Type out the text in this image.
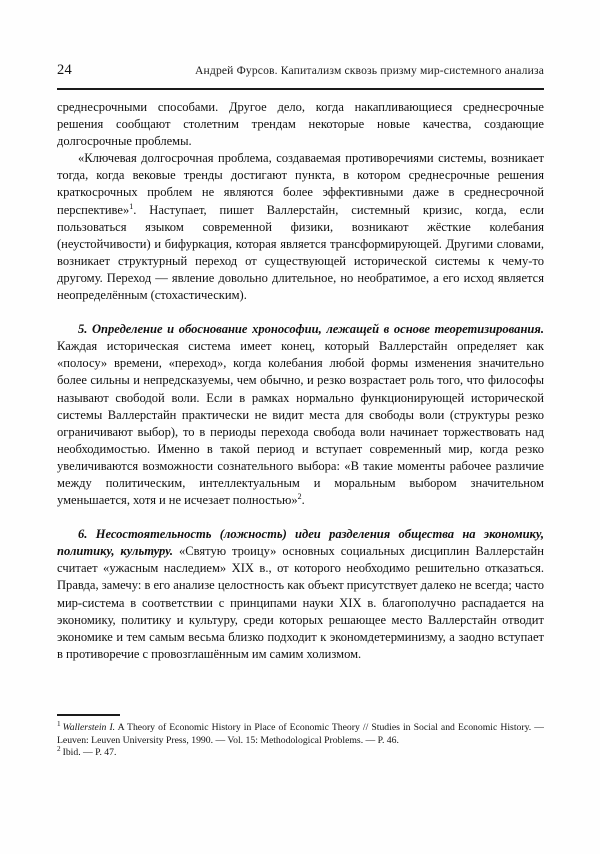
24	Андрей Фурсов. Капитализм сквозь призму мир-системного анализа

среднесрочными способами. Другое дело, когда накапливающиеся среднесрочные решения сообщают столетним трендам некоторые новые качества, создающие долгосрочные проблемы.

«Ключевая долгосрочная проблема, создаваемая противоречиями системы, возникает тогда, когда вековые тренды достигают пункта, в котором среднесрочные решения краткосрочных проблем не являются более эффективными даже в среднесрочной перспективе»$^1$. Наступает, пишет Валлерстайн, системный кризис, когда, если пользоваться языком современной физики, возникают жёсткие колебания (неустойчивости) и бифуркация, которая является трансформирующей. Другими словами, возникает структурный переход от существующей исторической системы к чему-то другому. Переход — явление довольно длительное, но необратимое, а его исход является неопределённым (стохастическим).

5. Определение и обоснование хронософии, лежащей в основе теоретизирования. Каждая историческая система имеет конец, который Валлерстайн определяет как «полосу» времени, «переход», когда колебания любой формы изменения значительно более сильны и непредсказуемы, чем обычно, и резко возрастает роль того, что философы называют свободой воли. Если в рамках нормально функционирующей исторической системы Валлерстайн практически не видит места для свободы воли (структуры резко ограничивают выбор), то в периоды перехода свобода воли начинает торжествовать над необходимостью. Именно в такой период и вступает современный мир, когда резко увеличиваются возможности сознательного выбора: «В такие моменты рабочее различие между политическим, интеллектуальным и моральным выбором значительном уменьшается, хотя и не исчезает полностью»$^2$.

6. Несостоятельность (ложность) идеи разделения общества на экономику, политику, культуру. «Святую троицу» основных социальных дисциплин Валлерстайн считает «ужасным наследием» XIX в., от которого необходимо решительно отказаться. Правда, замечу: в его анализе целостность как объект присутствует далеко не всегда; часто мир-система в соответствии с принципами науки XIX в. благополучно распадается на экономику, политику и культуру, среди которых решающее место Валлерстайн отводит экономике и тем самым весьма близко подходит к экономдетерминизму, а заодно вступает в противоречие с провозглашённым им самим холизмом.

$^1$ Wallerstein I. A Theory of Economic History in Place of Economic Theory // Studies in Social and Economic History. — Leuven: Leuven University Press, 1990. — Vol. 15: Methodological Problems. — P. 46.

$^2$ Ibid. — P. 47.
